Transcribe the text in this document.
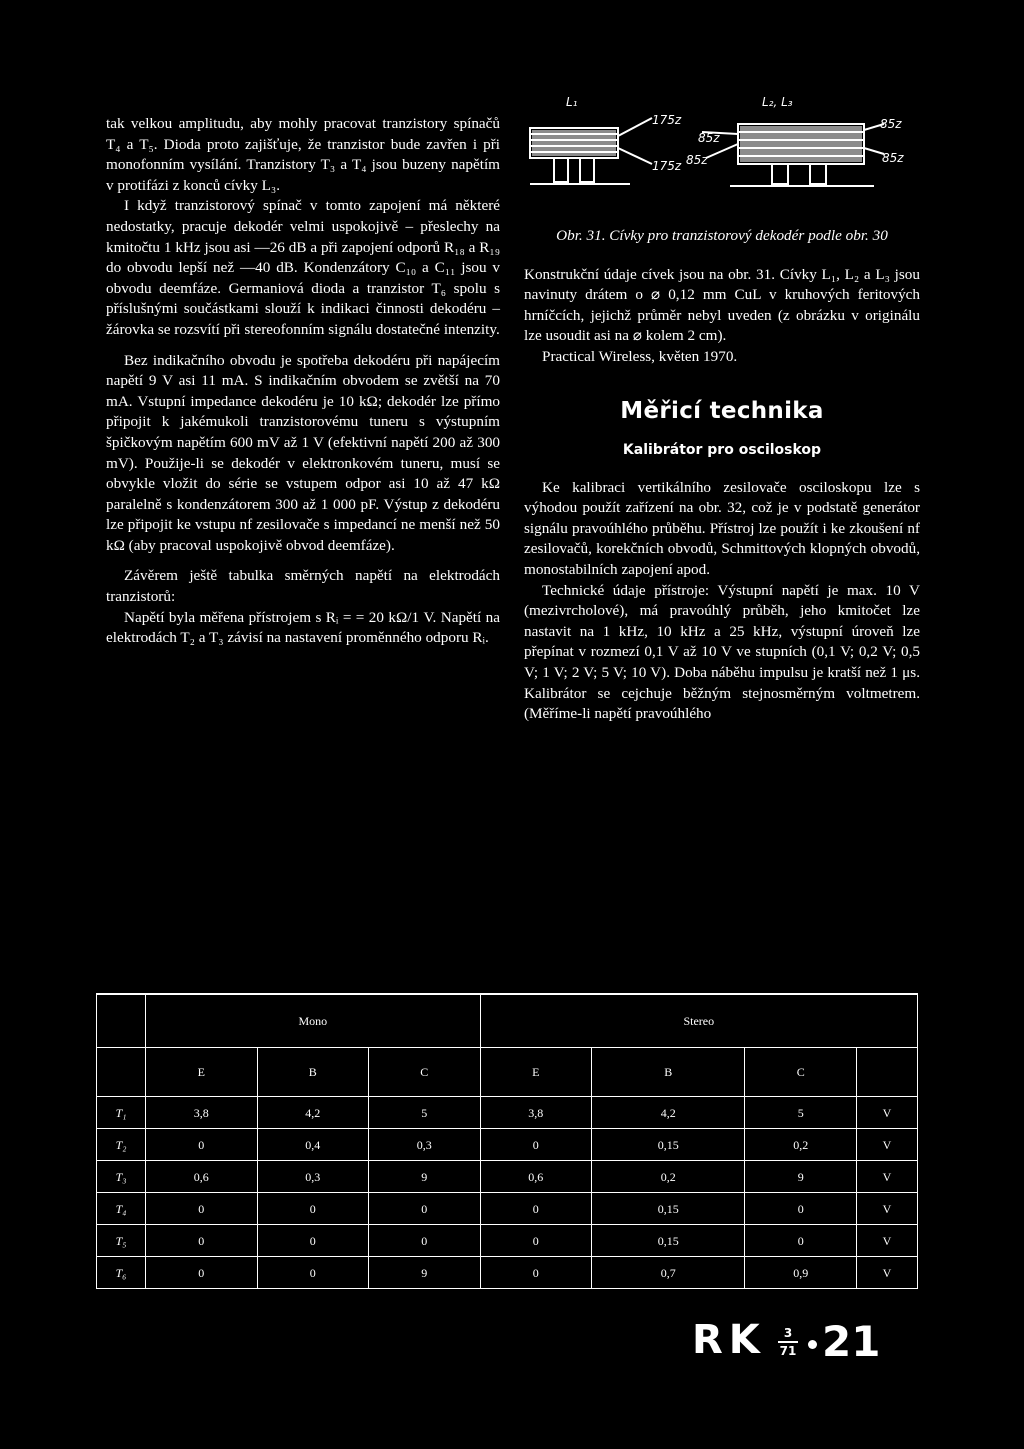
tak velkou amplitudu, aby mohly pracovat tranzistory spínačů T₄ a T₅. Dioda proto zajišťuje, že tranzistor bude zavřen i při monofonním vysílání. Tranzistory T₃ a T₄ jsou buzeny napětím v protifázi z konců cívky L₃.

I když tranzistorový spínač v tomto zapojení má některé nedostatky, pracuje dekodér velmi uspokojivě – přeslechy na kmitočtu 1 kHz jsou asi —26 dB a při zapojení odporů R₁₈ a R₁₉ do obvodu lepší než —40 dB. Kondenzátory C₁₀ a C₁₁ jsou v obvodu deemfáze. Germaniová dioda a tranzistor T₆ spolu s příslušnými součástkami slouží k indikaci činnosti dekodéru – žárovka se rozsvítí při stereofonním signálu dostatečné intenzity.

Bez indikačního obvodu je spotřeba dekodéru při napájecím napětí 9 V asi 11 mA. S indikačním obvodem se zvětší na 70 mA. Vstupní impedance dekodéru je 10 kΩ; dekodér lze přímo připojit k jakémukoli tranzistorovému tuneru s výstupním špičkovým napětím 600 mV až 1 V (efektivní napětí 200 až 300 mV). Použije-li se dekodér v elektronkovém tuneru, musí se obvykle vložit do série se vstupem odpor asi 10 až 47 kΩ paralelně s kondenzátorem 300 až 1 000 pF. Výstup z dekodéru lze připojit ke vstupu nf zesilovače s impedancí ne menší než 50 kΩ (aby pracoval uspokojivě obvod deemfáze).

Závěrem ještě tabulka směrných napětí na elektrodách tranzistorů:

Napětí byla měřena přístrojem s Rᵢ = = 20 kΩ/1 V. Napětí na elektrodách T₂ a T₃ závisí na nastavení proměnného odporu Rᵢ.

L₁	L₂, L₃
175z
175z
85z
85z
85z
85z
Obr. 31. Cívky pro tranzistorový dekodér podle obr. 30

Konstrukční údaje cívek jsou na obr. 31. Cívky L₁, L₂ a L₃ jsou navinuty drátem o ⌀ 0,12 mm CuL v kruhových feritových hrníčcích, jejichž průměr nebyl uveden (z obrázku v originálu lze usoudit asi na ⌀ kolem 2 cm).

Practical Wireless, květen 1970.

Měřicí technika
Kalibrátor pro osciloskop

Ke kalibraci vertikálního zesilovače osciloskopu lze s výhodou použít zařízení na obr. 32, což je v podstatě generátor signálu pravoúhlého průběhu. Přístroj lze použít i ke zkoušení nf zesilovačů, korekčních obvodů, Schmittových klopných obvodů, monostabilních zapojení apod.

Technické údaje přístroje: Výstupní napětí je max. 10 V (mezivrcholové), má pravoúhlý průběh, jeho kmitočet lze nastavit na 1 kHz, 10 kHz a 25 kHz, výstupní úroveň lze přepínat v rozmezí 0,1 V až 10 V ve stupních (0,1 V; 0,2 V; 0,5 V; 1 V; 2 V; 5 V; 10 V). Doba náběhu impulsu je kratší než 1 μs. Kalibrátor se cejchuje běžným stejnosměrným voltmetrem. (Měříme-li napětí pravoúhlého

	Mono			Stereo			
	E	B	C	E	B	C	
T₁	3,8	4,2	5	3,8	4,2	5	V
T₂	0	0,4	0,3	0	0,15	0,2	V
T₃	0,6	0,3	9	0,6	0,2	9	V
T₄	0	0	0	0	0,15	0	V
T₅	0	0	0	0	0,15	0	V
T₆	0	0	9	0	0,7	0,9	V
R K	3
71 21
